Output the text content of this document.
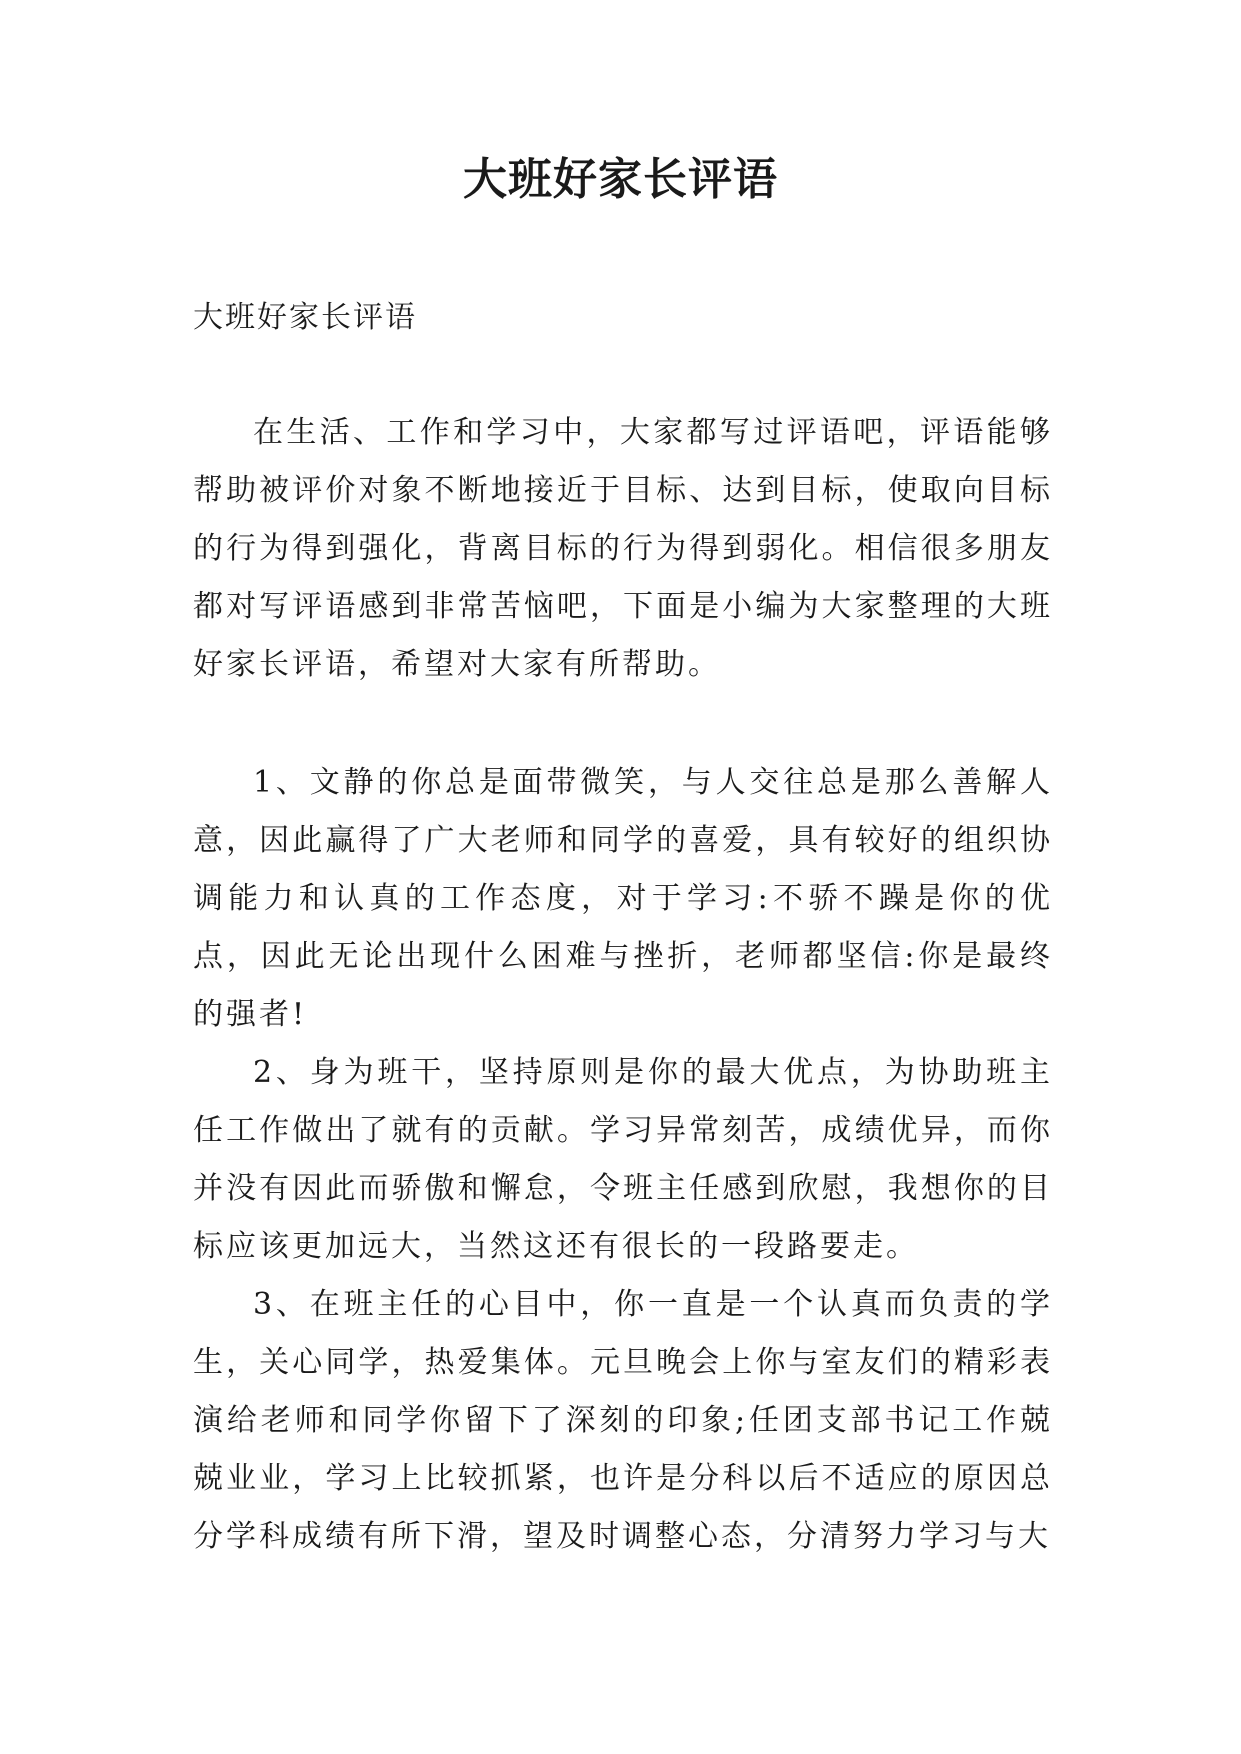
大班好家长评语

大班好家长评语

在生活、工作和学习中，大家都写过评语吧，评语能够帮助被评价对象不断地接近于目标、达到目标，使取向目标的行为得到强化，背离目标的行为得到弱化。相信很多朋友都对写评语感到非常苦恼吧，下面是小编为大家整理的大班好家长评语，希望对大家有所帮助。

1、文静的你总是面带微笑，与人交往总是那么善解人意，因此赢得了广大老师和同学的喜爱，具有较好的组织协调能力和认真的工作态度，对于学习:不骄不躁是你的优点，因此无论出现什么困难与挫折，老师都坚信:你是最终的强者!

2、身为班干，坚持原则是你的最大优点，为协助班主任工作做出了就有的贡献。学习异常刻苦，成绩优异，而你并没有因此而骄傲和懈怠，令班主任感到欣慰，我想你的目标应该更加远大，当然这还有很长的一段路要走。

3、在班主任的心目中，你一直是一个认真而负责的学生，关心同学，热爱集体。元旦晚会上你与室友们的精彩表演给老师和同学你留下了深刻的印象;任团支部书记工作兢兢业业，学习上比较抓紧，也许是分科以后不适应的原因总分学科成绩有所下滑，望及时调整心态，分清努力学习与大
